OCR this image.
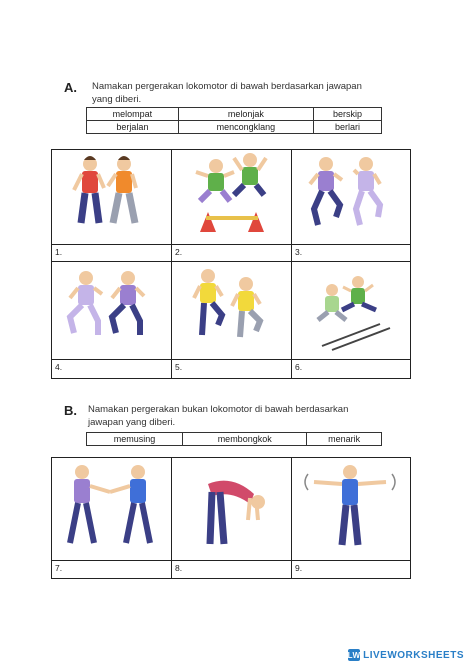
A. Namakan pergerakan lokomotor di bawah berdasarkan jawapan
yang diberi.
melompat	melonjak	berskip
berjalan	mencongklang	berlari
1.	2.	3.
4.	5.	6.
B. Namakan pergerakan bukan lokomotor di bawah berdasarkan
jawapan yang diberi.
memusing	membongkok	menarik
7.	8.	9.
LW LIVEWORKSHEETS
